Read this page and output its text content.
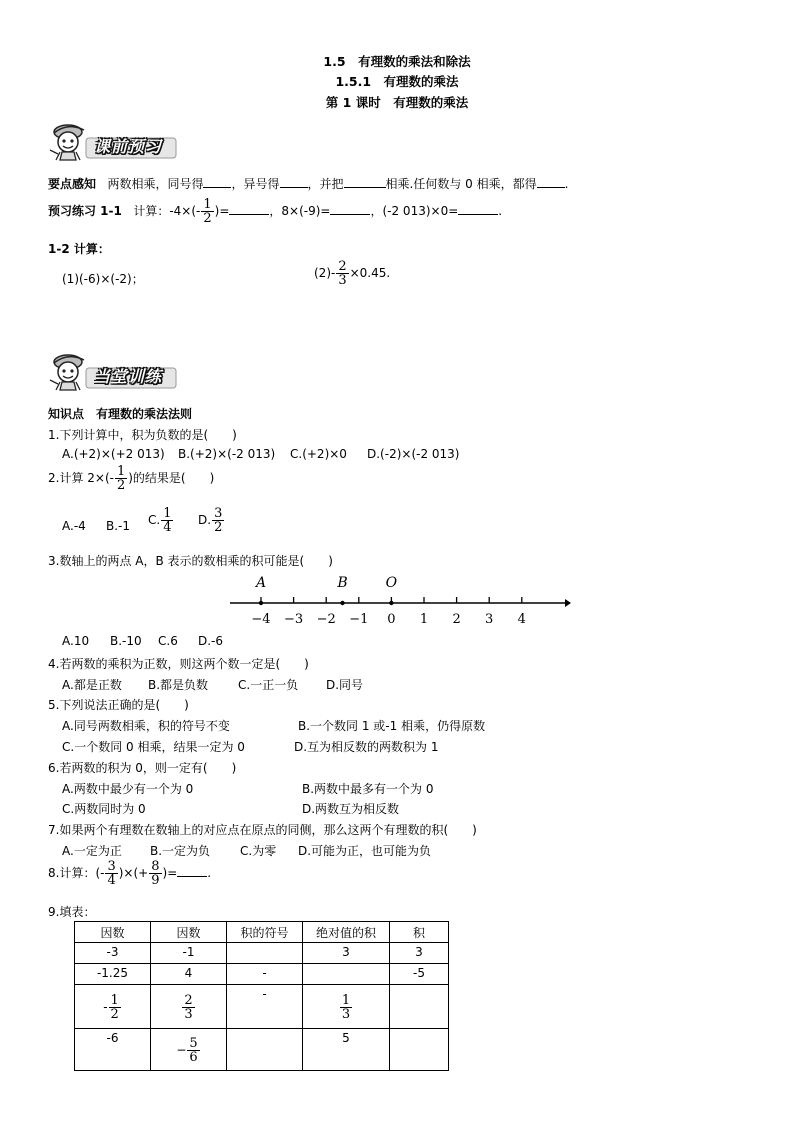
1.5　有理数的乘法和除法
1.5.1　有理数的乘法
第 1 课时　有理数的乘法
课前预习
要点感知 两数相乘，同号得 ，异号得 ，并把	相乘.任何数与 0 相乘，都得 .
预习练习 1-1 计算：$-4\times(- \frac{1}{2}$ )=	，8×(-9)=	，(-2 013)×0=	.
1-2 计算：
(1)(-6)×(-2)；	$(2)- \frac{2}{3} \times 0.45$.
当堂训练
知识点　有理数的乘法法则
1.下列计算中，积为负数的是(　　)
A.(+2)×(+2 013) B.(+2)×(-2 013) C.(+2)×0 D.(-2)×(-2 013)
2.计算 $2\times(- \frac{1}{2}$ )的结果是(　　)
A.-4 B.-1 C. $\frac{1}{4} D$. $\frac{3}{2}$
3.数轴上的两点 A，B 表示的数相乘的积可能是(　　)
−4 −3 −2 −1 0 1 2 3 4
A	B	O
A.10 B.-10 C.6 D.-6
4.若两数的乘积为正数，则这两个数一定是(　　)
A.都是正数 B.都是负数 C.一正一负 D.同号
5.下列说法正确的是(　　)
A.同号两数相乘，积的符号不变	B.一个数同 1 或-1 相乘，仍得原数
C.一个数同 0 相乘，结果一定为 0	D.互为相反数的两数积为 1
6.若两数的积为 0，则一定有(　　)
A.两数中最少有一个为 0	B.两数中最多有一个为 0
C.两数同时为 0	D.两数互为相反数
7.如果两个有理数在数轴上的对应点在原点的同侧，那么这两个有理数的积(　　)
A.一定为正 B.一定为负 C.为零 D.可能为正，也可能为负
8.计算：(- $\frac{3}{4}$ )×(+ $\frac{8}{9}$ )=	.
9.填表：
因数	因数	积的符号	绝对值的积	积
-3	-1		3	3
-1.25	4	-		-5
- $\frac{1}{2}$	$\frac{2}{3}$	-	$\frac{1}{3}$

-6	− $\frac{5}{6}$		5	
